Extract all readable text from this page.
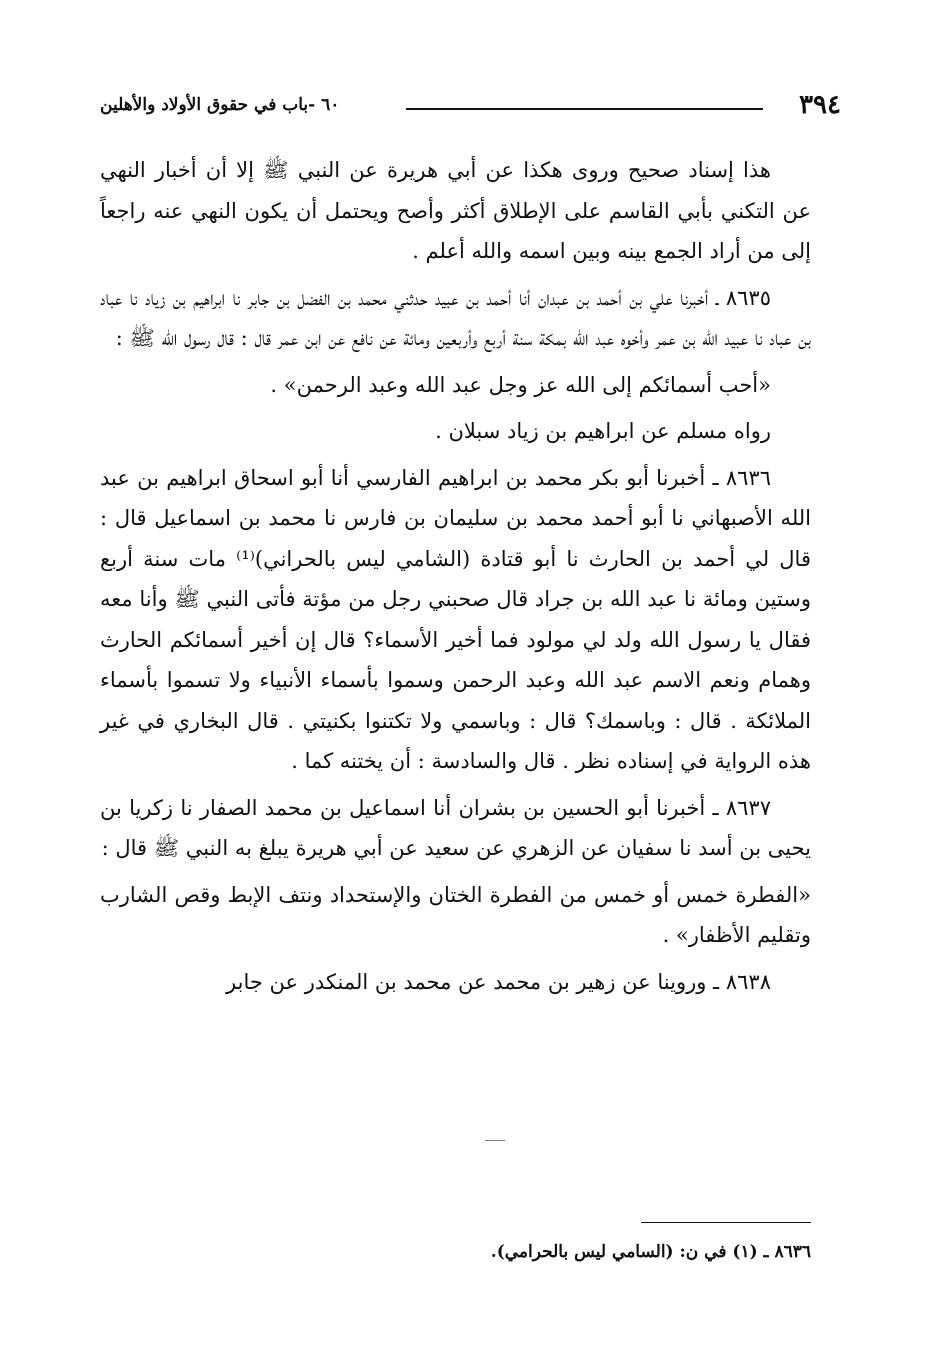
٣٩٤
٦٠ -باب في حقوق الأولاد والأهلين

هذا إسناد صحيح وروى هكذا عن أبي هريرة عن النبي ﷺ إلا أن أخبار النهي عن التكني بأبي القاسم على الإطلاق أكثر وأصح ويحتمل أن يكون النهي عنه راجعاً إلى من أراد الجمع بينه وبين اسمه والله أعلم .

٨٦٣٥ ـ أخبرنا علي بن أحمد بن عبدان أنا أحمد بن عبيد حدثني محمد بن الفضل بن جابر نا ابراهيم بن زياد نا عباد بن عباد نا عبيد الله بن عمر وأخوه عبد الله بمكة سنة أربع وأربعين ومائة عن نافع عن ابن عمر قال : قال رسول الله ﷺ :

«أحب أسمائكم إلى الله عز وجل عبد الله وعبد الرحمن» .

رواه مسلم عن ابراهيم بن زياد سبلان .

٨٦٣٦ ـ أخبرنا أبو بكر محمد بن ابراهيم الفارسي أنا أبو اسحاق ابراهيم بن عبد الله الأصبهاني نا أبو أحمد محمد بن سليمان بن فارس نا محمد بن اسماعيل قال : قال لي أحمد بن الحارث نا أبو قتادة (الشامي ليس بالحراني)⁽¹⁾ مات سنة أربع وستين ومائة نا عبد الله بن جراد قال صحبني رجل من مؤتة فأتى النبي ﷺ وأنا معه فقال يا رسول الله ولد لي مولود فما أخير الأسماء؟ قال إن أخير أسمائكم الحارث وهمام ونعم الاسم عبد الله وعبد الرحمن وسموا بأسماء الأنبياء ولا تسموا بأسماء الملائكة . قال : وباسمك؟ قال : وباسمي ولا تكتنوا بكنيتي . قال البخاري في غير هذه الرواية في إسناده نظر . قال والسادسة : أن يختنه كما .

٨٦٣٧ ـ أخبرنا أبو الحسين بن بشران أنا اسماعيل بن محمد الصفار نا زكريا بن يحيى بن أسد نا سفيان عن الزهري عن سعيد عن أبي هريرة يبلغ به النبي ﷺ قال :

«الفطرة خمس أو خمس من الفطرة الختان والإستحداد ونتف الإبط وقص الشارب وتقليم الأظفار» .

٨٦٣٨ ـ وروينا عن زهير بن محمد عن محمد بن المنكدر عن جابر

٨٦٣٦ ـ (١) في ن: (السامي ليس بالحرامي).
